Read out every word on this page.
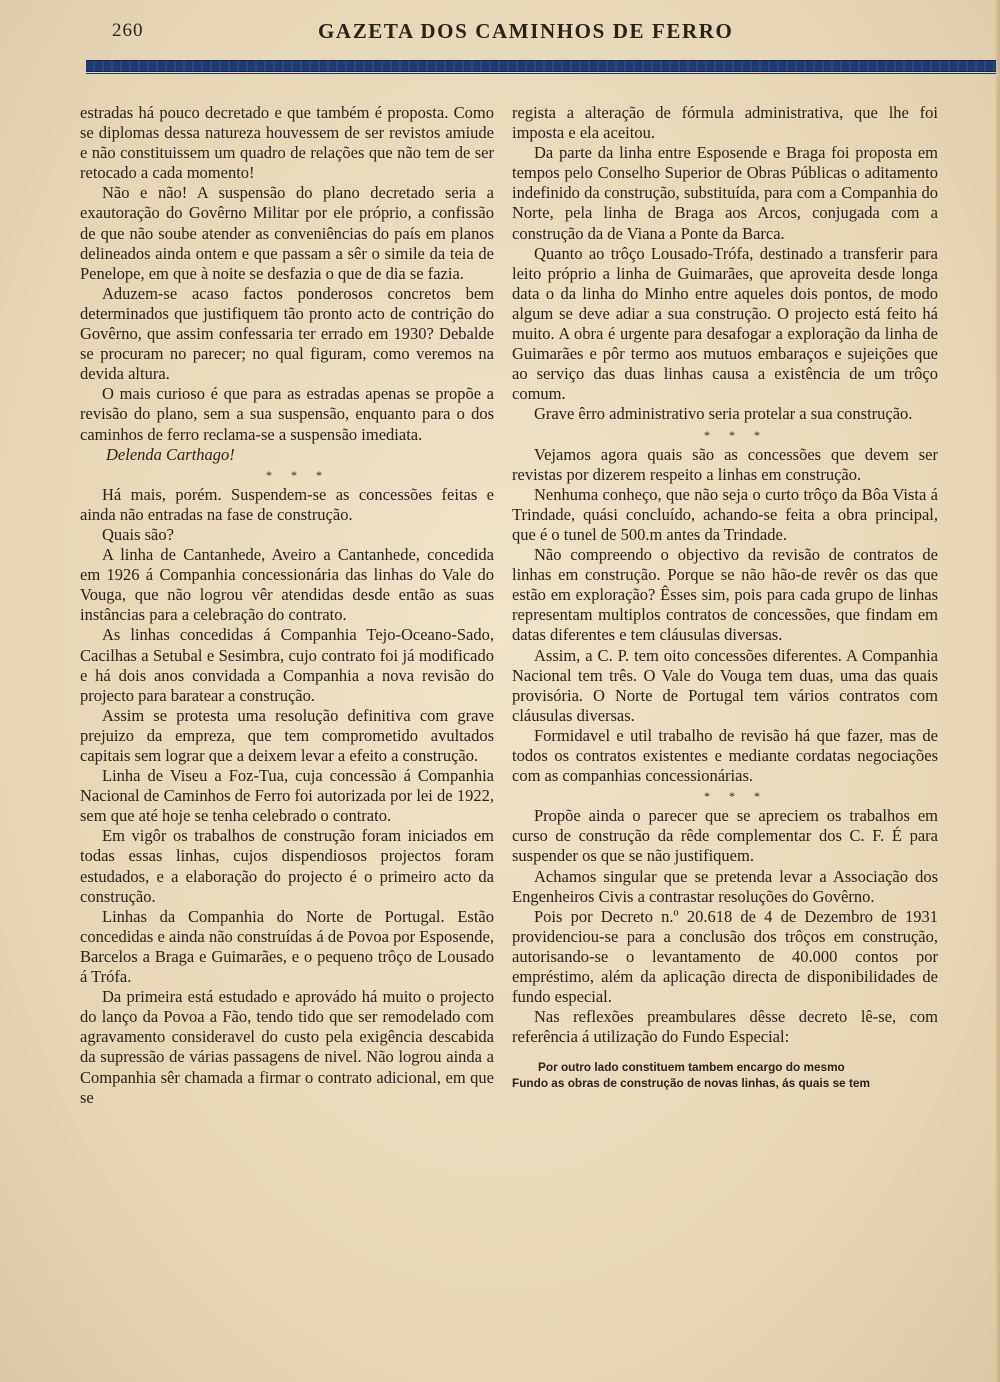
260	GAZETA DOS CAMINHOS DE FERRO

estradas há pouco decretado e que também é proposta. Como se diplomas dessa natureza houvessem de ser revistos amiude e não constituissem um quadro de relações que não tem de ser retocado a cada momento!

Não e não! A suspensão do plano decretado seria a exautoração do Govêrno Militar por ele próprio, a confissão de que não soube atender as conveniências do país em planos delineados ainda ontem e que passam a sêr o simile da teia de Penelope, em que à noite se desfazia o que de dia se fazia.

Aduzem-se acaso factos ponderosos concretos bem determinados que justifiquem tão pronto acto de contrição do Govêrno, que assim confessaria ter errado em 1930? Debalde se procuram no parecer; no qual figuram, como veremos na devida altura.

O mais curioso é que para as estradas apenas se propõe a revisão do plano, sem a sua suspensão, enquanto para o dos caminhos de ferro reclama-se a suspensão imediata.

Delenda Carthago!

* * *

Há mais, porém. Suspendem-se as concessões feitas e ainda não entradas na fase de construção.

Quais são?

A linha de Cantanhede, Aveiro a Cantanhede, concedida em 1926 á Companhia concessionária das linhas do Vale do Vouga, que não logrou vêr atendidas desde então as suas instâncias para a celebração do contrato.

As linhas concedidas á Companhia Tejo-Oceano-Sado, Cacilhas a Setubal e Sesimbra, cujo contrato foi já modificado e há dois anos convidada a Companhia a nova revisão do projecto para baratear a construção.

Assim se protesta uma resolução definitiva com grave prejuizo da empreza, que tem comprometido avultados capitais sem lograr que a deixem levar a efeito a construção.

Linha de Viseu a Foz-Tua, cuja concessão á Companhia Nacional de Caminhos de Ferro foi autorizada por lei de 1922, sem que até hoje se tenha celebrado o contrato.

Em vigôr os trabalhos de construção foram iniciados em todas essas linhas, cujos dispendiosos projectos foram estudados, e a elaboração do projecto é o primeiro acto da construção.

Linhas da Companhia do Norte de Portugal. Estão concedidas e ainda não construídas á de Povoa por Esposende, Barcelos a Braga e Guimarães, e o pequeno trôço de Lousado á Trófa.

Da primeira está estudado e aprovádo há muito o projecto do lanço da Povoa a Fão, tendo tido que ser remodelado com agravamento consideravel do custo pela exigência descabida da supressão de várias passagens de nivel. Não logrou ainda a Companhia sêr chamada a firmar o contrato adicional, em que se

regista a alteração de fórmula administrativa, que lhe foi imposta e ela aceitou.

Da parte da linha entre Esposende e Braga foi proposta em tempos pelo Conselho Superior de Obras Públicas o aditamento indefinido da construção, substituída, para com a Companhia do Norte, pela linha de Braga aos Arcos, conjugada com a construção da de Viana a Ponte da Barca.

Quanto ao trôço Lousado-Trófa, destinado a transferir para leito próprio a linha de Guimarães, que aproveita desde longa data o da linha do Minho entre aqueles dois pontos, de modo algum se deve adiar a sua construção. O projecto está feito há muito. A obra é urgente para desafogar a exploração da linha de Guimarães e pôr termo aos mutuos embaraços e sujeições que ao serviço das duas linhas causa a existência de um trôço comum.

Grave êrro administrativo seria protelar a sua construção.

* * *

Vejamos agora quais são as concessões que devem ser revistas por dizerem respeito a linhas em construção.

Nenhuma conheço, que não seja o curto trôço da Bôa Vista á Trindade, quási concluído, achando-se feita a obra principal, que é o tunel de 500.m antes da Trindade.

Não compreendo o objectivo da revisão de contratos de linhas em construção. Porque se não hão-de revêr os das que estão em exploração? Êsses sim, pois para cada grupo de linhas representam multiplos contratos de concessões, que findam em datas diferentes e tem cláusulas diversas.

Assim, a C. P. tem oito concessões diferentes. A Companhia Nacional tem três. O Vale do Vouga tem duas, uma das quais provisória. O Norte de Portugal tem vários contratos com cláusulas diversas.

Formidavel e util trabalho de revisão há que fazer, mas de todos os contratos existentes e mediante cordatas negociações com as companhias concessionárias.

* * *

Propõe ainda o parecer que se apreciem os trabalhos em curso de construção da rêde complementar dos C. F. É para suspender os que se não justifiquem.

Achamos singular que se pretenda levar a Associação dos Engenheiros Civis a contrastar resoluções do Govêrno.

Pois por Decreto n.º 20.618 de 4 de Dezembro de 1931 providenciou-se para a conclusão dos trôços em construção, autorisando-se o levantamento de 40.000 contos por empréstimo, além da aplicação directa de disponibilidades de fundo especial.

Nas reflexões preambulares dêsse decreto lê-se, com referência á utilização do Fundo Especial:

Por outro lado constituem tambem encargo do mesmo

Fundo as obras de construção de novas linhas, ás quais se tem
